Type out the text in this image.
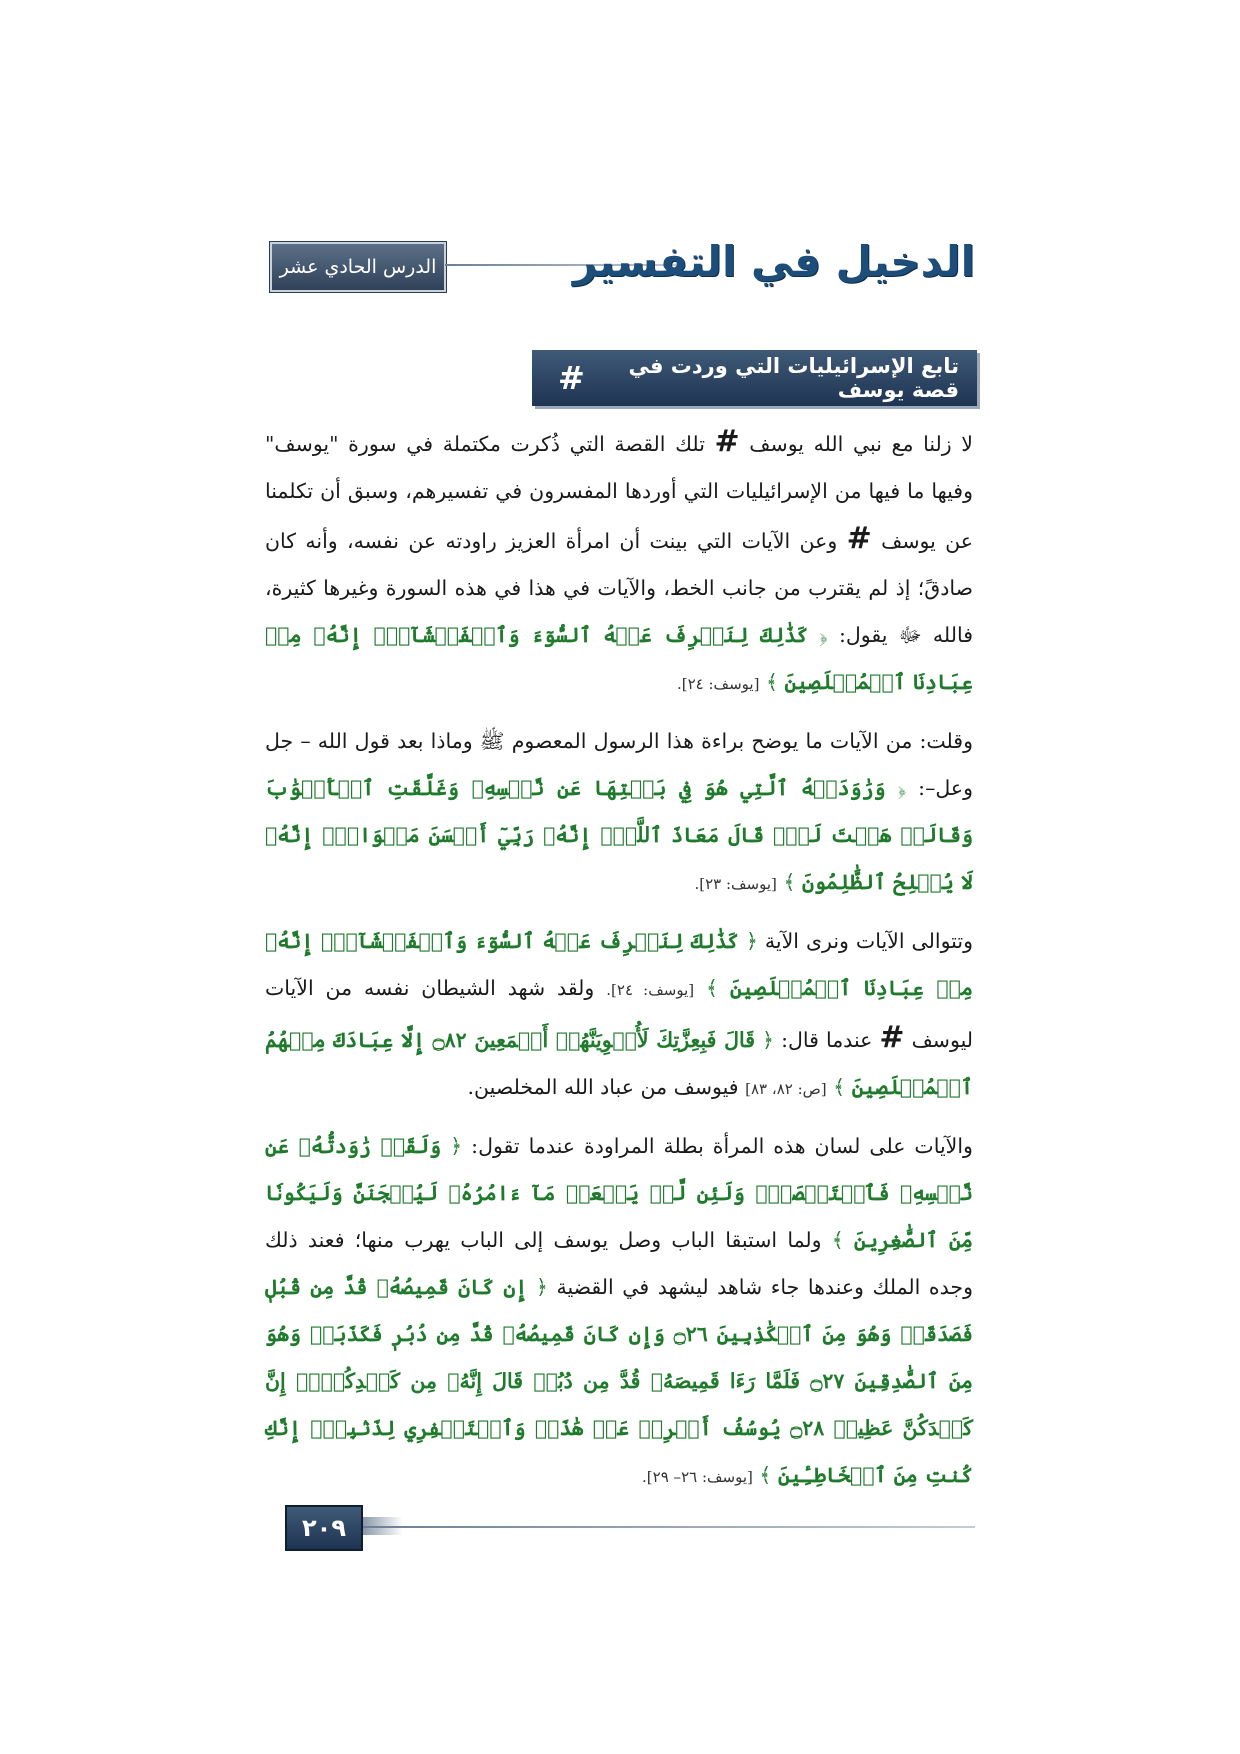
الدرس الحادي عشر	الدخيل في التفسير
تابع الإسرائيليات التي وردت في قصة يوسف
#

لا زلنا مع نبي الله يوسف # تلك القصة التي ذُكرت مكتملة في سورة "يوسف" وفيها ما فيها من الإسرائيليات التي أوردها المفسرون في تفسيرهم، وسبق أن تكلمنا عن يوسف # وعن الآيات التي بينت أن امرأة العزيز راودته عن نفسه، وأنه كان صادقً؛ إذ لم يقترب من جانب الخط، والآيات في هذا في هذه السورة وغيرها كثيرة، فالله ﷻ يقول: ﴿ كَذَٰلِكَ لِنَصۡرِفَ عَنۡهُ ٱلسُّوٓءَ وَٱلۡفَحۡشَآءَۚ إِنَّهُۥ مِنۡ عِبَادِنَا ٱلۡمُخۡلَصِينَ ﴾ [يوسف: ٢٤].

وقلت: من الآيات ما يوضح براءة هذا الرسول المعصوم ﷺ وماذا بعد قول الله – جل وعل–: ﴿ وَرَٰوَدَتۡهُ ٱلَّتِي هُوَ فِي بَيۡتِهَا عَن نَّفۡسِهِۦ وَغَلَّقَتِ ٱلۡأَبۡوَٰبَ وَقَالَتۡ هَيۡتَ لَكَۚ قَالَ مَعَاذَ ٱللَّهِۖ إِنَّهُۥ رَبِّيٓ أَحۡسَنَ مَثۡوَايَۖ إِنَّهُۥ لَا يُفۡلِحُ ٱلظَّٰلِمُونَ ﴾ [يوسف: ٢٣].

وتتوالى الآيات ونرى الآية ﴿ كَذَٰلِكَ لِنَصۡرِفَ عَنۡهُ ٱلسُّوٓءَ وَٱلۡفَحۡشَآءَۚ إِنَّهُۥ مِنۡ عِبَادِنَا ٱلۡمُخۡلَصِينَ ﴾ [يوسف: ٢٤]. ولقد شهد الشيطان نفسه من الآيات ليوسف # عندما قال: ﴿ قَالَ فَبِعِزَّتِكَ لَأُغۡوِيَنَّهُمۡ أَجۡمَعِينَ ۝٨٢ إِلَّا عِبَادَكَ مِنۡهُمُ ٱلۡمُخۡلَصِينَ ﴾ [ص: ٨٢، ٨٣] فيوسف من عباد الله المخلصين.

والآيات على لسان هذه المرأة بطلة المراودة عندما تقول: ﴿ وَلَقَدۡ رَٰوَدتُّهُۥ عَن نَّفۡسِهِۦ فَٱسۡتَعۡصَمَۖ وَلَئِن لَّمۡ يَفۡعَلۡ مَآ ءَامُرُهُۥ لَيُسۡجَنَنَّ وَلَيَكُونٗا مِّنَ ٱلصَّٰغِرِينَ ﴾ ولما استبقا الباب وصل يوسف إلى الباب يهرب منها؛ فعند ذلك وجده الملك وعندها جاء شاهد ليشهد في القضية ﴿ إِن كَانَ قَمِيصُهُۥ قُدَّ مِن قُبُلٖ فَصَدَقَتۡ وَهُوَ مِنَ ٱلۡكَٰذِبِينَ ۝٢٦ وَإِن كَانَ قَمِيصُهُۥ قُدَّ مِن دُبُرٖ فَكَذَبَتۡ وَهُوَ مِنَ ٱلصَّٰدِقِينَ ۝٢٧ فَلَمَّا رَءَا قَمِيصَهُۥ قُدَّ مِن دُبُرٖ قَالَ إِنَّهُۥ مِن كَيۡدِكُنَّۖ إِنَّ كَيۡدَكُنَّ عَظِيمٞ ۝٢٨ يُوسُفُ أَعۡرِضۡ عَنۡ هَٰذَاۚ وَٱسۡتَغۡفِرِي لِذَنۢبِكِۖ إِنَّكِ كُنتِ مِنَ ٱلۡخَاطِـِٔينَ ﴾ [يوسف: ٢٦– ٢٩].

٢٠٩
